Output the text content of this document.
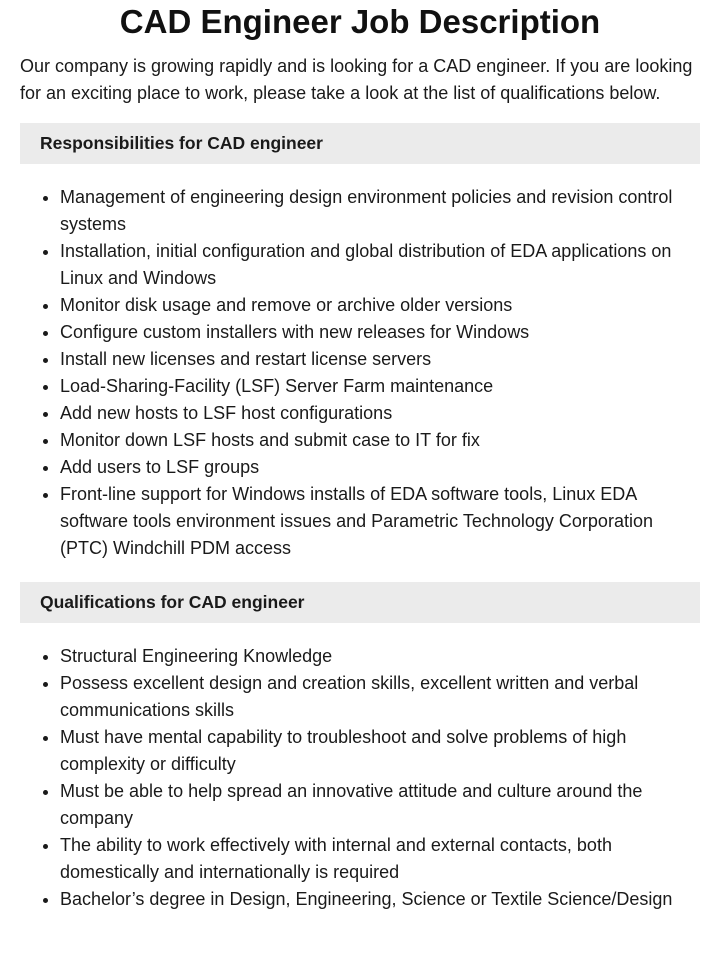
CAD Engineer Job Description

Our company is growing rapidly and is looking for a CAD engineer. If you are looking for an exciting place to work, please take a look at the list of qualifications below.

Responsibilities for CAD engineer
• Management of engineering design environment policies and revision control systems
• Installation, initial configuration and global distribution of EDA applications on Linux and Windows
• Monitor disk usage and remove or archive older versions
• Configure custom installers with new releases for Windows
• Install new licenses and restart license servers
• Load-Sharing-Facility (LSF) Server Farm maintenance
• Add new hosts to LSF host configurations
• Monitor down LSF hosts and submit case to IT for fix
• Add users to LSF groups
• Front-line support for Windows installs of EDA software tools, Linux EDA software tools environment issues and Parametric Technology Corporation (PTC) Windchill PDM access
Qualifications for CAD engineer
• Structural Engineering Knowledge
• Possess excellent design and creation skills, excellent written and verbal communications skills
• Must have mental capability to troubleshoot and solve problems of high complexity or difficulty
• Must be able to help spread an innovative attitude and culture around the company
• The ability to work effectively with internal and external contacts, both domestically and internationally is required
• Bachelor’s degree in Design, Engineering, Science or Textile Science/Design
